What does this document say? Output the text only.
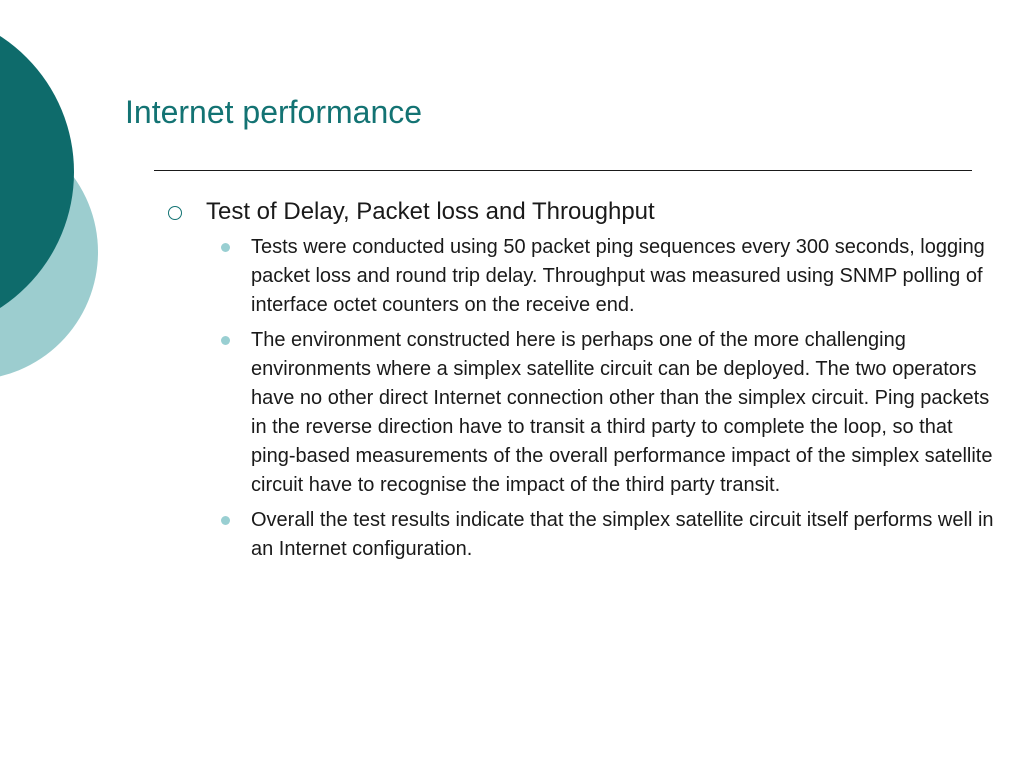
Internet performance
Test of Delay, Packet loss and Throughput
Tests were conducted using 50 packet ping sequences every 300 seconds, logging packet loss and round trip delay. Throughput was measured using SNMP polling of interface octet counters on the receive end.
The environment constructed here is perhaps one of the more challenging environments where a simplex satellite circuit can be deployed. The two operators have no other direct Internet connection other than the simplex circuit. Ping packets in the reverse direction have to transit a third party to complete the loop, so that ping-based measurements of the overall performance impact of the simplex satellite circuit have to recognise the impact of the third party transit.
Overall the test results indicate that the simplex satellite circuit itself performs well in an Internet configuration.
